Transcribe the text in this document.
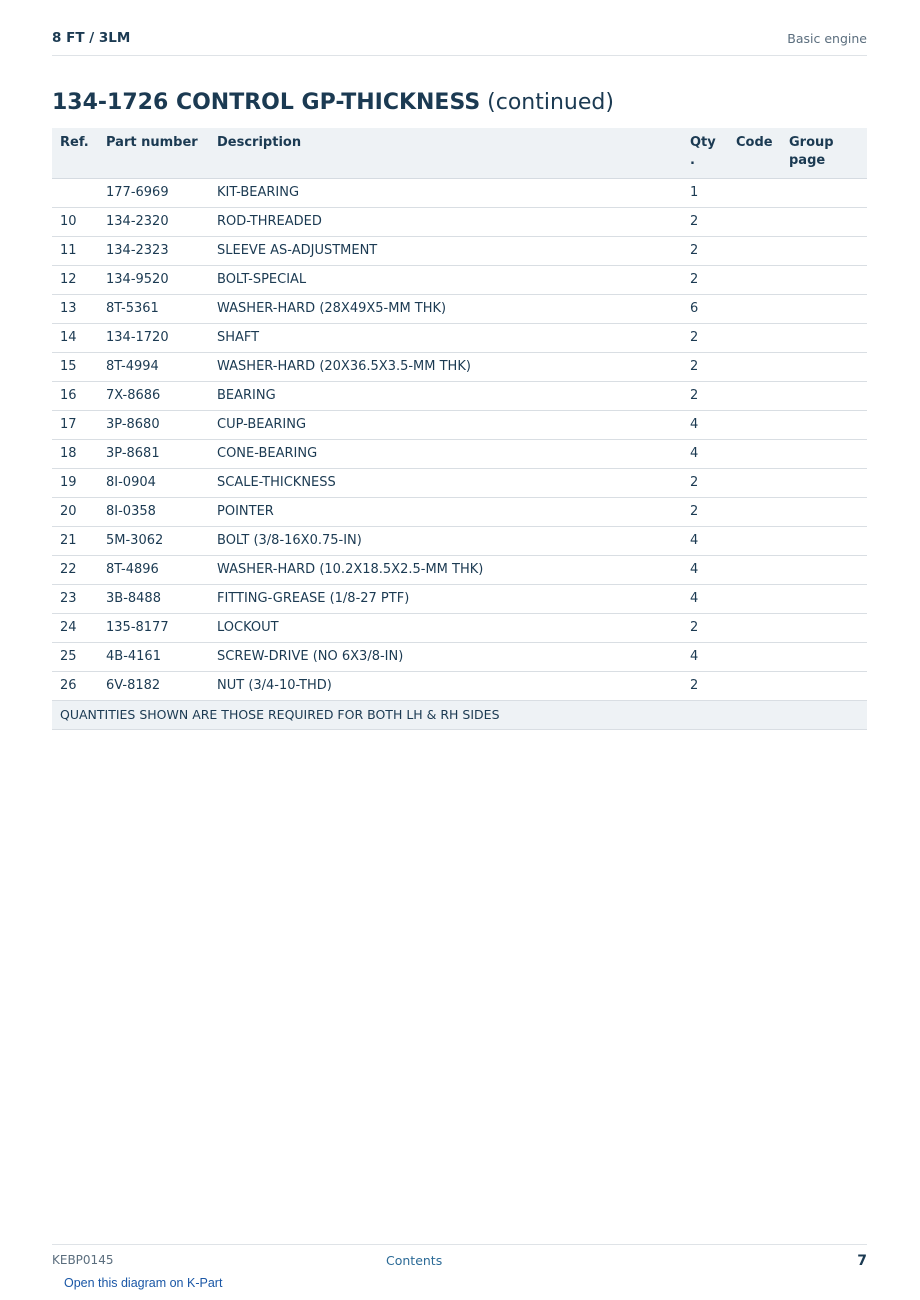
8 FT / 3LM	Basic engine
134-1726 CONTROL GP-THICKNESS (continued)
Ref.	Part number	Description	Qty .	Code	Group page
	177-6969	KIT-BEARING	1		
10	134-2320	ROD-THREADED	2		
11	134-2323	SLEEVE AS-ADJUSTMENT	2		
12	134-9520	BOLT-SPECIAL	2		
13	8T-5361	WASHER-HARD (28X49X5-MM THK)	6		
14	134-1720	SHAFT	2		
15	8T-4994	WASHER-HARD (20X36.5X3.5-MM THK)	2		
16	7X-8686	BEARING	2		
17	3P-8680	CUP-BEARING	4		
18	3P-8681	CONE-BEARING	4		
19	8I-0904	SCALE-THICKNESS	2		
20	8I-0358	POINTER	2		
21	5M-3062	BOLT (3/8-16X0.75-IN)	4		
22	8T-4896	WASHER-HARD (10.2X18.5X2.5-MM THK)	4		
23	3B-8488	FITTING-GREASE (1/8-27 PTF)	4		
24	135-8177	LOCKOUT	2		
25	4B-4161	SCREW-DRIVE (NO 6X3/8-IN)	4		
26	6V-8182	NUT (3/4-10-THD)	2		
QUANTITIES SHOWN ARE THOSE REQUIRED FOR BOTH LH & RH SIDES					
KEBP0145	Contents	7
Open this diagram on K-Part
